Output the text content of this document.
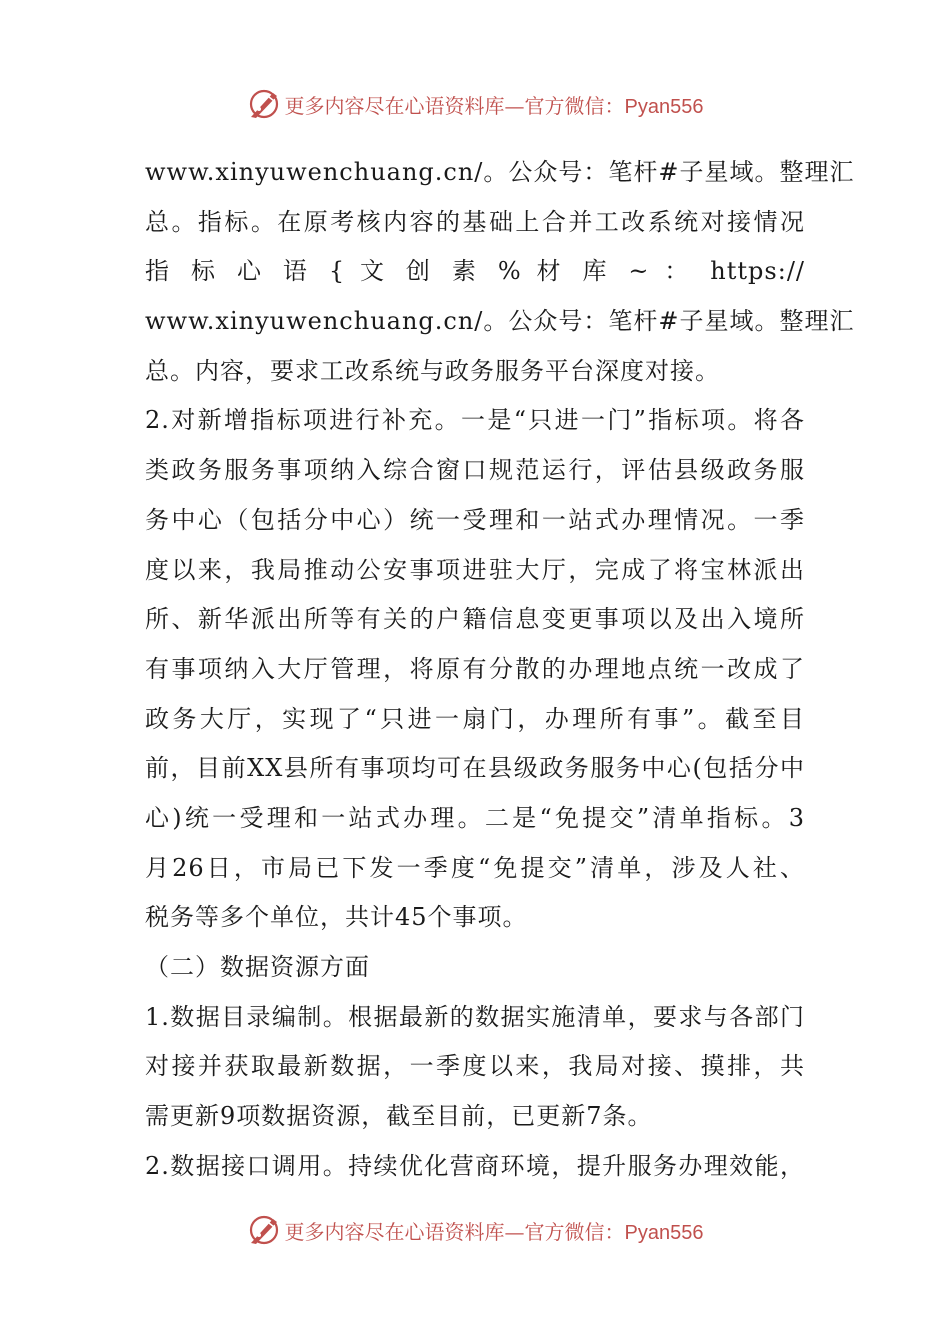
更多内容尽在心语资料库—官方微信：Pyan556
www.xinyuwenchuang.cn/。公众号：笔杆#子星域。整理汇
总。指标。在原考核内容的基础上合并工改系统对接情况
指 标 心 语 { 文 创 素 % 材 库 ~ ： https://
www.xinyuwenchuang.cn/。公众号：笔杆#子星域。整理汇
总。内容，要求工改系统与政务服务平台深度对接。
2.对新增指标项进行补充。一是“只进一门”指标项。将各
类政务服务事项纳入综合窗口规范运行，评估县级政务服
务中心（包括分中心）统一受理和一站式办理情况。一季
度以来，我局推动公安事项进驻大厅，完成了将宝林派出
所、新华派出所等有关的户籍信息变更事项以及出入境所
有事项纳入大厅管理，将原有分散的办理地点统一改成了
政务大厅，实现了“只进一扇门，办理所有事”。截至目
前，目前XX县所有事项均可在县级政务服务中心(包括分中
心)统一受理和一站式办理。二是“免提交”清单指标。3
月26日，市局已下发一季度“免提交”清单，涉及人社、
税务等多个单位，共计45个事项。
（二）数据资源方面
1.数据目录编制。根据最新的数据实施清单，要求与各部门
对接并获取最新数据，一季度以来，我局对接、摸排，共
需更新9项数据资源，截至目前，已更新7条。
2.数据接口调用。持续优化营商环境，提升服务办理效能，
更多内容尽在心语资料库—官方微信：Pyan556
